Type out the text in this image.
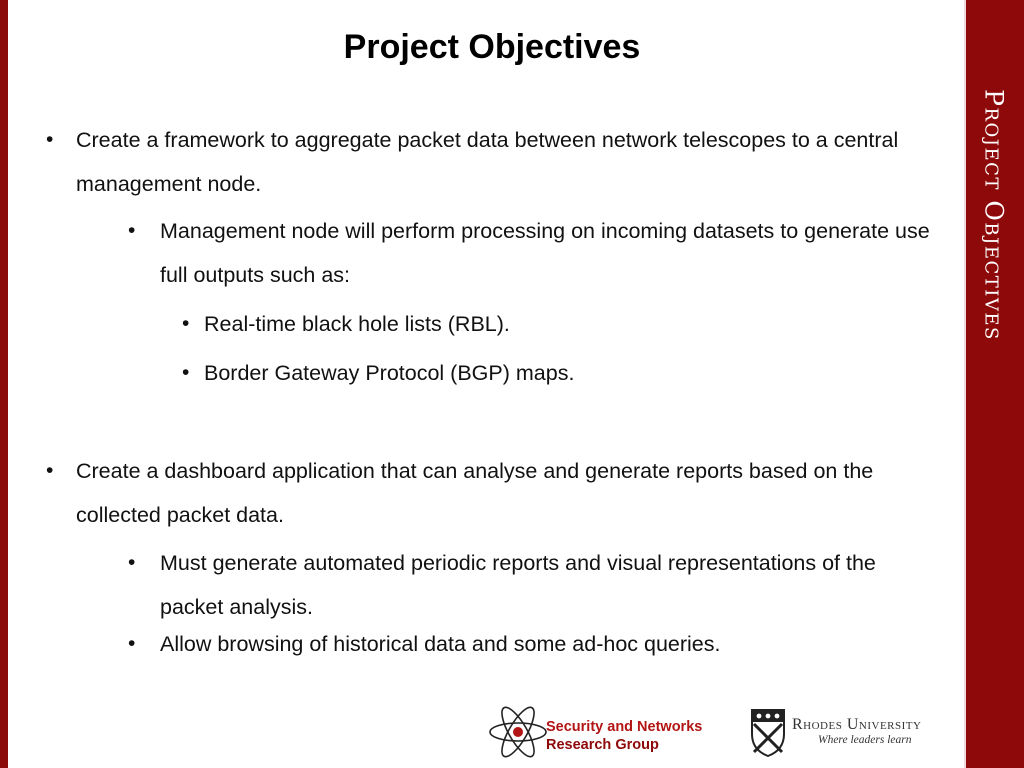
Project Objectives
Project Objectives
• Create a framework to aggregate packet data between network telescopes to a central management node.
• Management node will perform processing on incoming datasets to generate use full outputs such as:
• Real-time black hole lists (RBL).
• Border Gateway Protocol (BGP) maps.
• Create a dashboard application that can analyse and generate reports based on the collected packet data.
• Must generate automated periodic reports and visual representations of the packet analysis.
• Allow browsing of historical data and some ad-hoc queries.
Security and Networks
Research Group
Rhodes University
Where leaders learn
